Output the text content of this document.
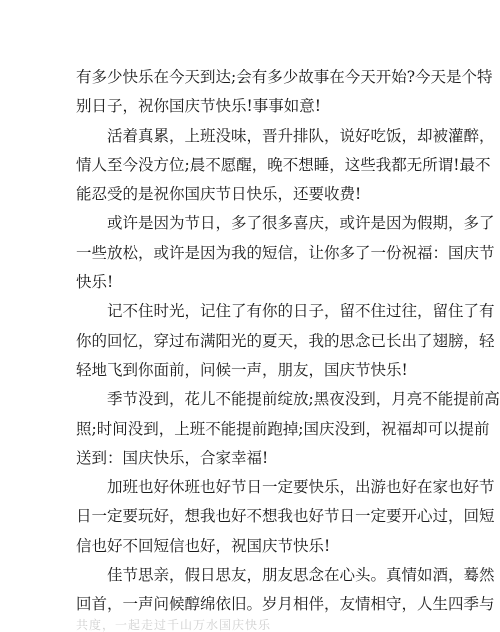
有多少快乐在今天到达;会有多少故事在今天开始?今天是个特
别日子，祝你国庆节快乐!事事如意!
活着真累，上班没味，晋升排队，说好吃饭，却被灌醉，
情人至今没方位;晨不愿醒，晚不想睡，这些我都无所谓!最不
能忍受的是祝你国庆节日快乐，还要收费!
或许是因为节日，多了很多喜庆，或许是因为假期，多了
一些放松，或许是因为我的短信，让你多了一份祝福：国庆节
快乐!
记不住时光，记住了有你的日子，留不住过往，留住了有
你的回忆，穿过布满阳光的夏天，我的思念已长出了翅膀，轻
轻地飞到你面前，问候一声，朋友，国庆节快乐!
季节没到，花儿不能提前绽放;黑夜没到，月亮不能提前高
照;时间没到，上班不能提前跑掉;国庆没到，祝福却可以提前
送到：国庆快乐，合家幸福!
加班也好休班也好节日一定要快乐，出游也好在家也好节
日一定要玩好，想我也好不想我也好节日一定要开心过，回短
信也好不回短信也好，祝国庆节快乐!
佳节思亲，假日思友，朋友思念在心头。真情如酒，蓦然
回首，一声问候醇绵依旧。岁月相伴，友情相守，人生四季与
共度，一起走过千山万水国庆快乐
